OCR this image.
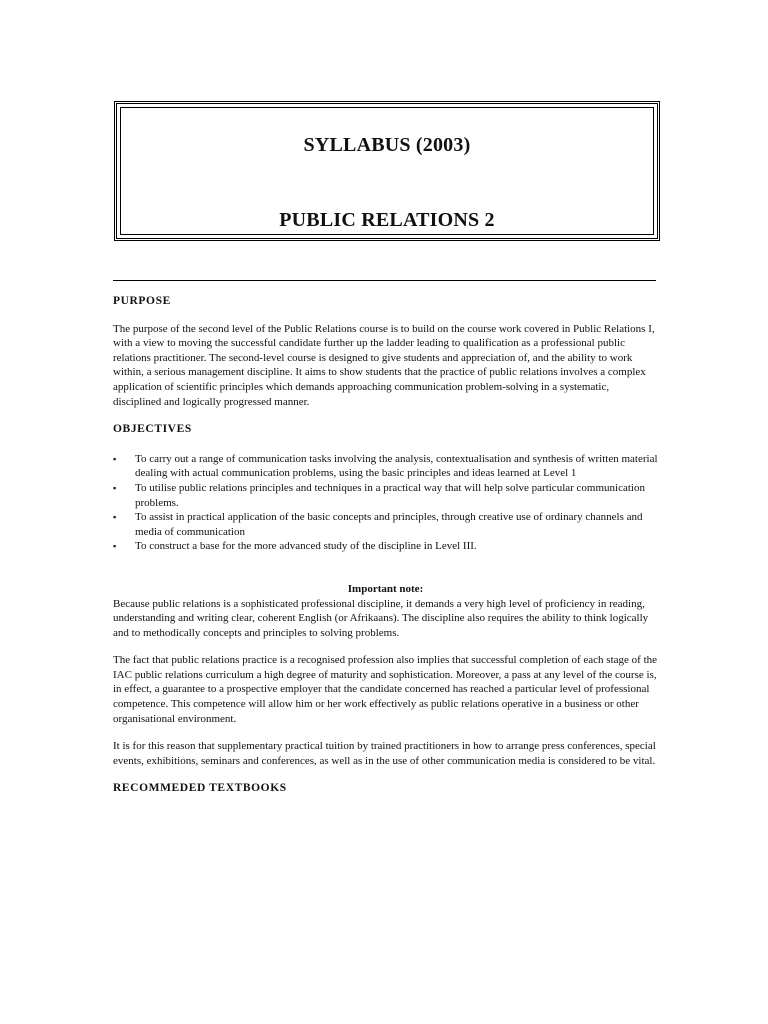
SYLLABUS (2003)
PUBLIC RELATIONS 2
PURPOSE

The purpose of the second level of the Public Relations course is to build on the course work covered in Public Relations I, with a view to moving the successful candidate further up the ladder leading to qualification as a professional public relations practitioner. The second-level course is designed to give students and appreciation of, and the ability to work within, a serious management discipline. It aims to show students that the practice of public relations involves a complex application of scientific principles which demands approaching communication problem-solving in a systematic, disciplined and logically progressed manner.

OBJECTIVES
▪ To carry out a range of communication tasks involving the analysis, contextualisation and synthesis of written material dealing with actual communication problems, using the basic principles and ideas learned at Level 1
▪ To utilise public relations principles and techniques in a practical way that will help solve particular communication problems.
▪ To assist in practical application of the basic concepts and principles, through creative use of ordinary channels and media of communication
▪ To construct a base for the more advanced study of the discipline in Level III.
Important note:

Because public relations is a sophisticated professional discipline, it demands a very high level of proficiency in reading, understanding and writing clear, coherent English (or Afrikaans). The discipline also requires the ability to think logically and to methodically concepts and principles to solving problems.

The fact that public relations practice is a recognised profession also implies that successful completion of each stage of the IAC public relations curriculum a high degree of maturity and sophistication. Moreover, a pass at any level of the course is, in effect, a guarantee to a prospective employer that the candidate concerned has reached a particular level of professional competence. This competence will allow him or her work effectively as public relations operative in a business or other organisational environment.

It is for this reason that supplementary practical tuition by trained practitioners in how to arrange press conferences, special events, exhibitions, seminars and conferences, as well as in the use of other communication media is considered to be vital.

RECOMMEDED TEXTBOOKS
